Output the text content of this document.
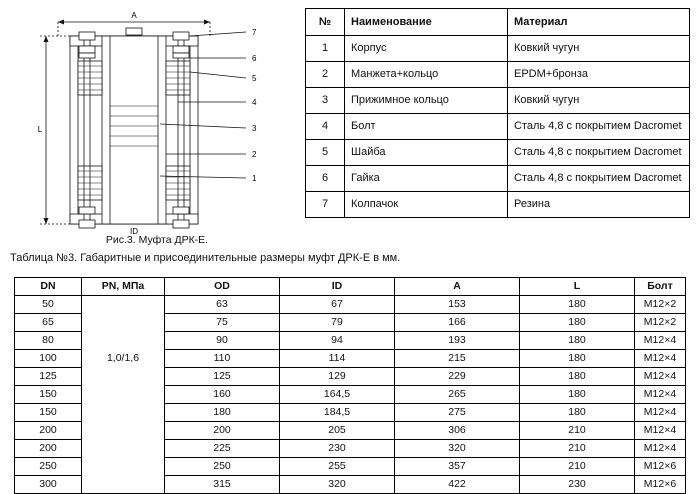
A
L
ID
7
6
5
4
3
2
1
Рис.3. Муфта ДРК-Е.
№	Наименование	Материал
1	Корпус	Ковкий чугун
2	Манжета+кольцо	EPDM+бронза
3	Прижимное кольцо	Ковкий чугун
4	Болт	Сталь 4,8 с покрытием Dacromet
5	Шайба	Сталь 4,8 с покрытием Dacromet
6	Гайка	Сталь 4,8 с покрытием Dacromet
7	Колпачок	Резина
Таблица №3. Габаритные и присоединительные размеры муфт ДРК-Е в мм.
DN	PN, МПа	OD	ID	A	L	Болт
50		63	67	153	180	M12×2
65		75	79	166	180	M12×2
80		90	94	193	180	M12×4
100	1,0/1,6	110	114	215	180	M12×4
125		125	129	229	180	M12×4
150		160	164,5	265	180	M12×4
150		180	184,5	275	180	M12×4
200		200	205	306	210	M12×4
200		225	230	320	210	M12×4
250		250	255	357	210	M12×6
300		315	320	422	230	M12×6
